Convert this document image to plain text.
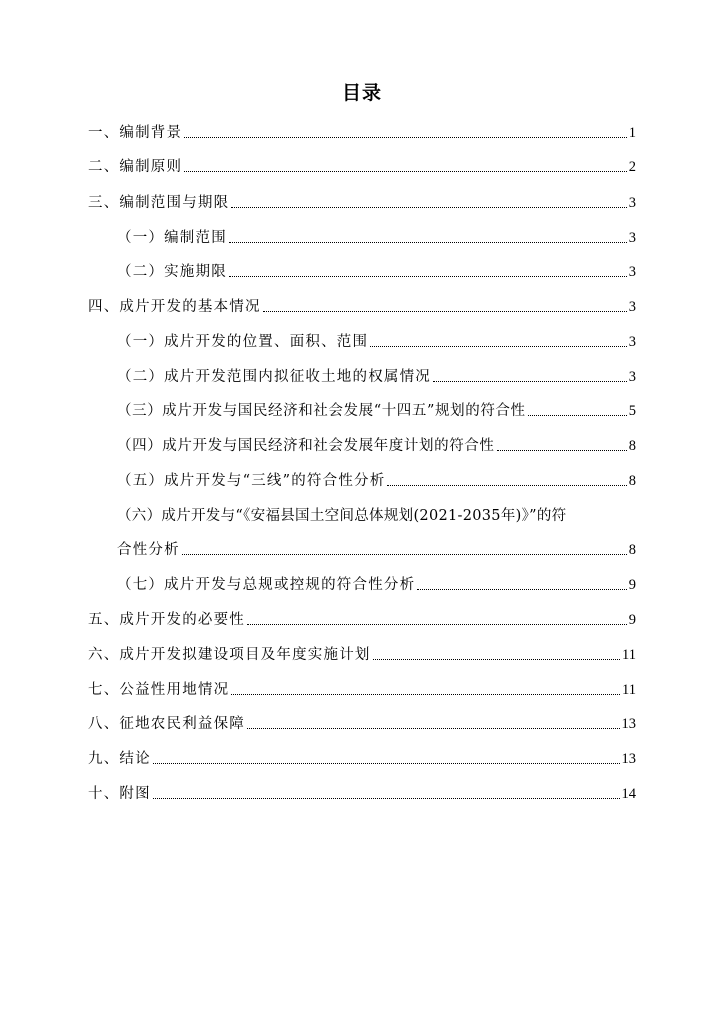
目录
一、编制背景	1
二、编制原则	2
三、编制范围与期限	3
（一）编制范围	3
（二）实施期限	3
四、成片开发的基本情况	3
（一）成片开发的位置、面积、范围	3
（二）成片开发范围内拟征收土地的权属情况	3
（三）成片开发与国民经济和社会发展“十四五”规划的符合性	5
（四）成片开发与国民经济和社会发展年度计划的符合性	8
（五）成片开发与“三线”的符合性分析	8
（六）成片开发与“《安福县国土空间总体规划(2021-2035年)》”的符
合性分析	8
（七）成片开发与总规或控规的符合性分析	9
五、成片开发的必要性	9
六、成片开发拟建设项目及年度实施计划	11
七、公益性用地情况	11
八、征地农民利益保障	13
九、结论	13
十、附图	14
